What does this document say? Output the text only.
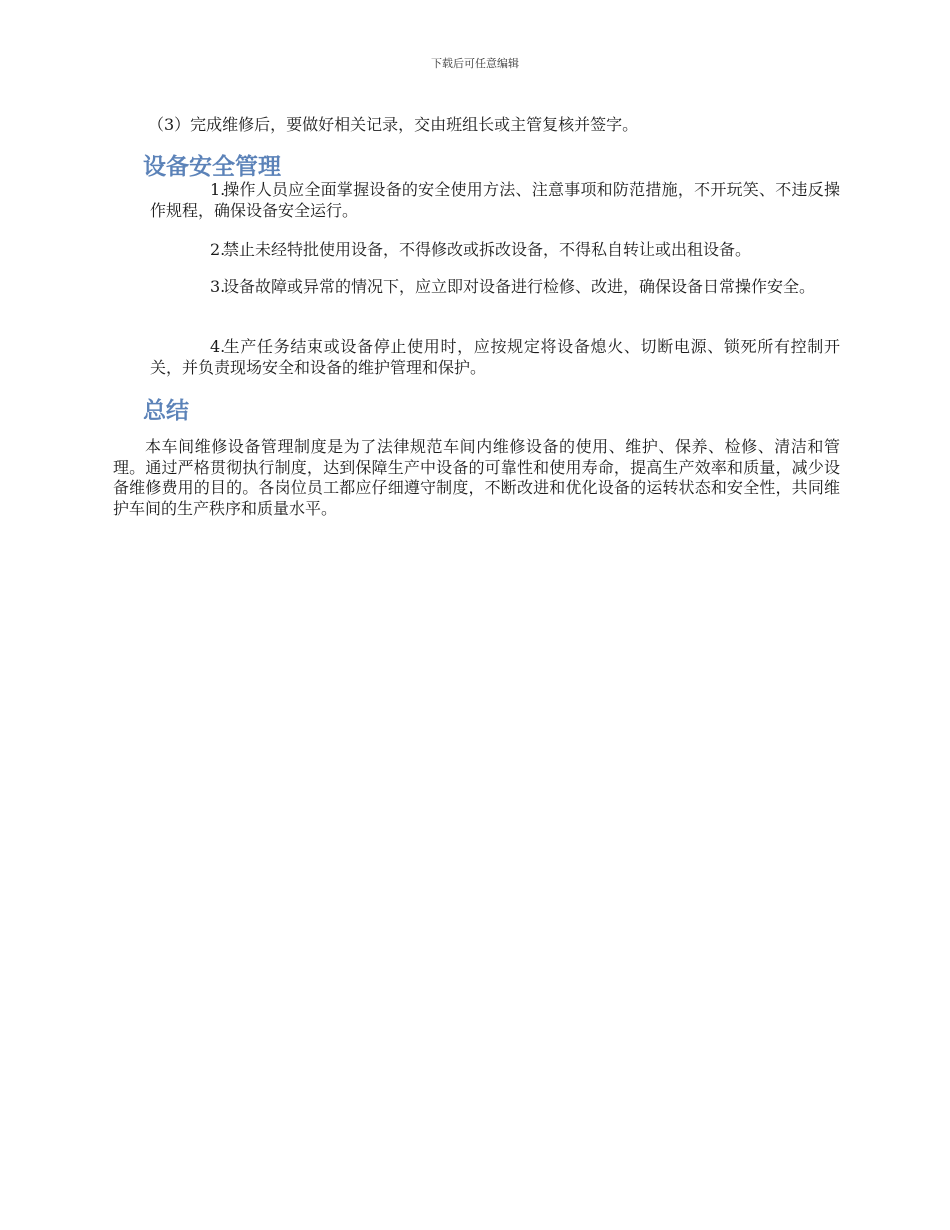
下载后可任意编辑

（3）完成维修后，要做好相关记录，交由班组长或主管复核并签字。

设备安全管理

1.操作人员应全面掌握设备的安全使用方法、注意事项和防范措施，不开玩笑、不违反操作规程，确保设备安全运行。

2.禁止未经特批使用设备，不得修改或拆改设备，不得私自转让或出租设备。

3.设备故障或异常的情况下，应立即对设备进行检修、改进，确保设备日常操作安全。

4.生产任务结束或设备停止使用时，应按规定将设备熄火、切断电源、锁死所有控制开关，并负责现场安全和设备的维护管理和保护。

总结

本车间维修设备管理制度是为了法律规范车间内维修设备的使用、维护、保养、检修、清洁和管理。通过严格贯彻执行制度，达到保障生产中设备的可靠性和使用寿命，提高生产效率和质量，减少设备维修费用的目的。各岗位员工都应仔细遵守制度，不断改进和优化设备的运转状态和安全性，共同维护车间的生产秩序和质量水平。
